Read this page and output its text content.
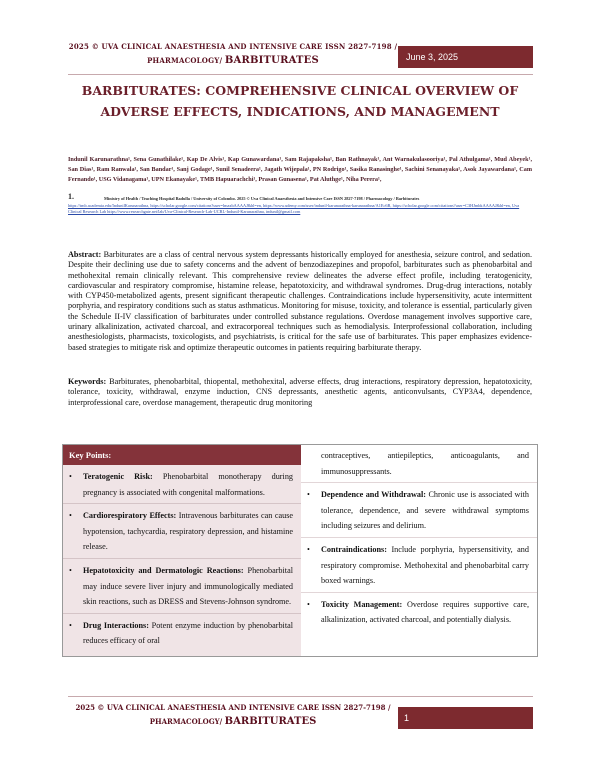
2025 © UVA CLINICAL ANAESTHESIA AND INTENSIVE CARE ISSN 2827-7198 /
PHARMACOLOGY/ BARBITURATES	June 3, 2025
BARBITURATES: COMPREHENSIVE CLINICAL OVERVIEW OF ADVERSE EFFECTS, INDICATIONS, AND MANAGEMENT
Indunil Karunarathna¹, Sena Gunathilake¹, Kap De Alvis¹, Kap Gunawardana¹, Sam Rajapaksha¹, Ban Rathnayak¹, Ant Warnakulasooriya¹, Pal Athulgama¹, Mud Abeyek¹, San Dias¹, Ram Ranwala¹, San Bandar¹, Sanj Godage¹, Sunil Senadeera¹, Jagath Wijepala¹, PN Rodrigo¹, Sasika Ranasinghe¹, Sachini Senanayaka¹, Asok Jayawardana¹, Cam Fernando¹, USG Vidanagama¹, UPN Ekanayake¹, TMB Hapuarachchi¹, Prasan Gunasena¹, Pat Aluthge¹, Niha Perera¹,
1.	Ministry of Health / Teaching Hospital Badulla / University of Colombo. 2025 © Uva Clinical Anaesthesia and Intensive Care ISSN 2827-7198 / Pharmacology / Barbiturates
https://tmb.academia.edu/IndunilKarunarathna, https://scholar.google.com/citations?user=lmaxbAAAAJ&hl=en, https://www.udemy.com/user/indunil-karunarathna-karunarathna/A1Ec6B, https://scholar.google.com/citations?user=C3HJmbkAAAAJ&hl=en, Uva Clinical Research Lab https://www.researchgate.net/lab/Uva-Clinical-Research-Lab-UCRL-Indunil-Karunarathna, indunil@gmail.com
Abstract: Barbiturates are a class of central nervous system depressants historically employed for anesthesia, seizure control, and sedation. Despite their declining use due to safety concerns and the advent of benzodiazepines and propofol, barbiturates such as phenobarbital and methohexital remain clinically relevant. This comprehensive review delineates the adverse effect profile, including teratogenicity, cardiovascular and respiratory compromise, histamine release, hepatotoxicity, and withdrawal syndromes. Drug-drug interactions, notably with CYP450-metabolized agents, present significant therapeutic challenges. Contraindications include hypersensitivity, acute intermittent porphyria, and respiratory conditions such as status asthmaticus. Monitoring for misuse, toxicity, and tolerance is essential, particularly given the Schedule II-IV classification of barbiturates under controlled substance regulations. Overdose management involves supportive care, urinary alkalinization, activated charcoal, and extracorporeal techniques such as hemodialysis. Interprofessional collaboration, including anesthesiologists, pharmacists, toxicologists, and psychiatrists, is critical for the safe use of barbiturates. This paper emphasizes evidence-based strategies to mitigate risk and optimize therapeutic outcomes in patients requiring barbiturate therapy.
Keywords: Barbiturates, phenobarbital, thiopental, methohexital, adverse effects, drug interactions, respiratory depression, hepatotoxicity, tolerance, toxicity, withdrawal, enzyme induction, CNS depressants, anesthetic agents, anticonvulsants, CYP3A4, dependence, interprofessional care, overdose management, therapeutic drug monitoring
Key Points:
• Teratogenic Risk: Phenobarbital monotherapy during pregnancy is associated with congenital malformations.
• Cardiorespiratory Effects: Intravenous barbiturates can cause hypotension, tachycardia, respiratory depression, and histamine release.
• Hepatotoxicity and Dermatologic Reactions: Phenobarbital may induce severe liver injury and immunologically mediated skin reactions, such as DRESS and Stevens-Johnson syndrome.
• Drug Interactions: Potent enzyme induction by phenobarbital reduces efficacy of oral
contraceptives, antiepileptics, anticoagulants, and immunosuppressants.
• Dependence and Withdrawal: Chronic use is associated with tolerance, dependence, and severe withdrawal symptoms including seizures and delirium.
• Contraindications: Include porphyria, hypersensitivity, and respiratory compromise. Methohexital and phenobarbital carry boxed warnings.
• Toxicity Management: Overdose requires supportive care, alkalinization, activated charcoal, and potentially dialysis.
2025 © UVA CLINICAL ANAESTHESIA AND INTENSIVE CARE ISSN 2827-7198 /
PHARMACOLOGY/ BARBITURATES	1
